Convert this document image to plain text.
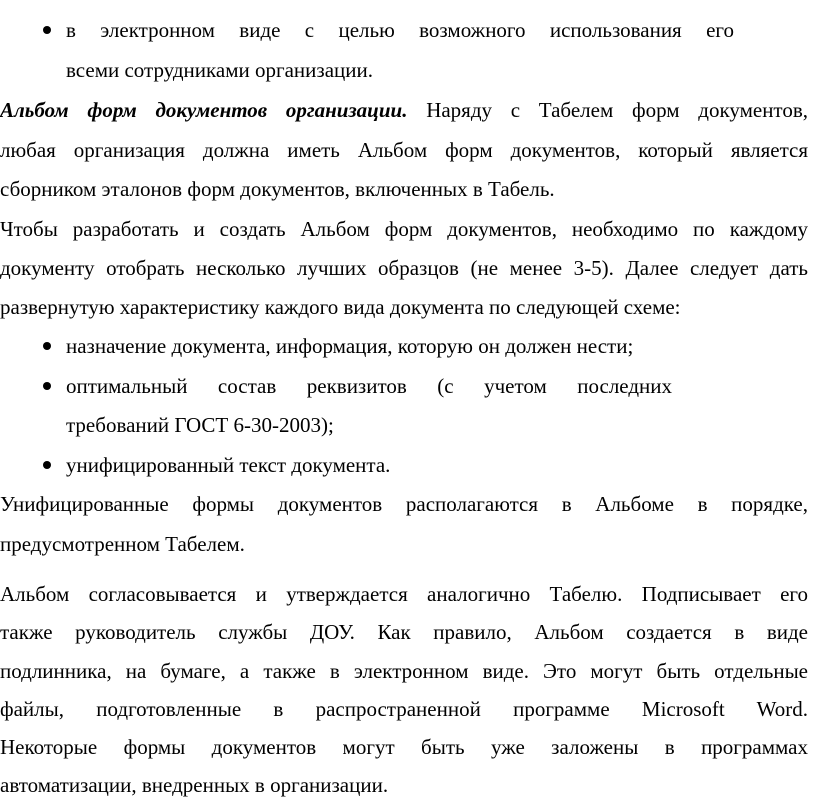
в электронном виде с целью возможного использования его
всеми сотрудниками организации.
Альбом форм документов организации. Наряду с Табелем форм документов,
любая организация должна иметь Альбом форм документов, который является
сборником эталонов форм документов, включенных в Табель.
Чтобы разработать и создать Альбом форм документов, необходимо по каждому
документу отобрать несколько лучших образцов (не менее 3-5). Далее следует дать
развернутую характеристику каждого вида документа по следующей схеме:
назначение документа, информация, которую он должен нести;
оптимальный состав реквизитов (с учетом последних
требований ГОСТ 6-30-2003);
унифицированный текст документа.
Унифицированные формы документов располагаются в Альбоме в порядке,
предусмотренном Табелем.
Альбом согласовывается и утверждается аналогично Табелю. Подписывает его
также руководитель службы ДОУ. Как правило, Альбом создается в виде
подлинника, на бумаге, а также в электронном виде. Это могут быть отдельные
файлы, подготовленные в распространенной программе Microsoft Word.
Некоторые формы документов могут быть уже заложены в программах
автоматизации, внедренных в организации.
